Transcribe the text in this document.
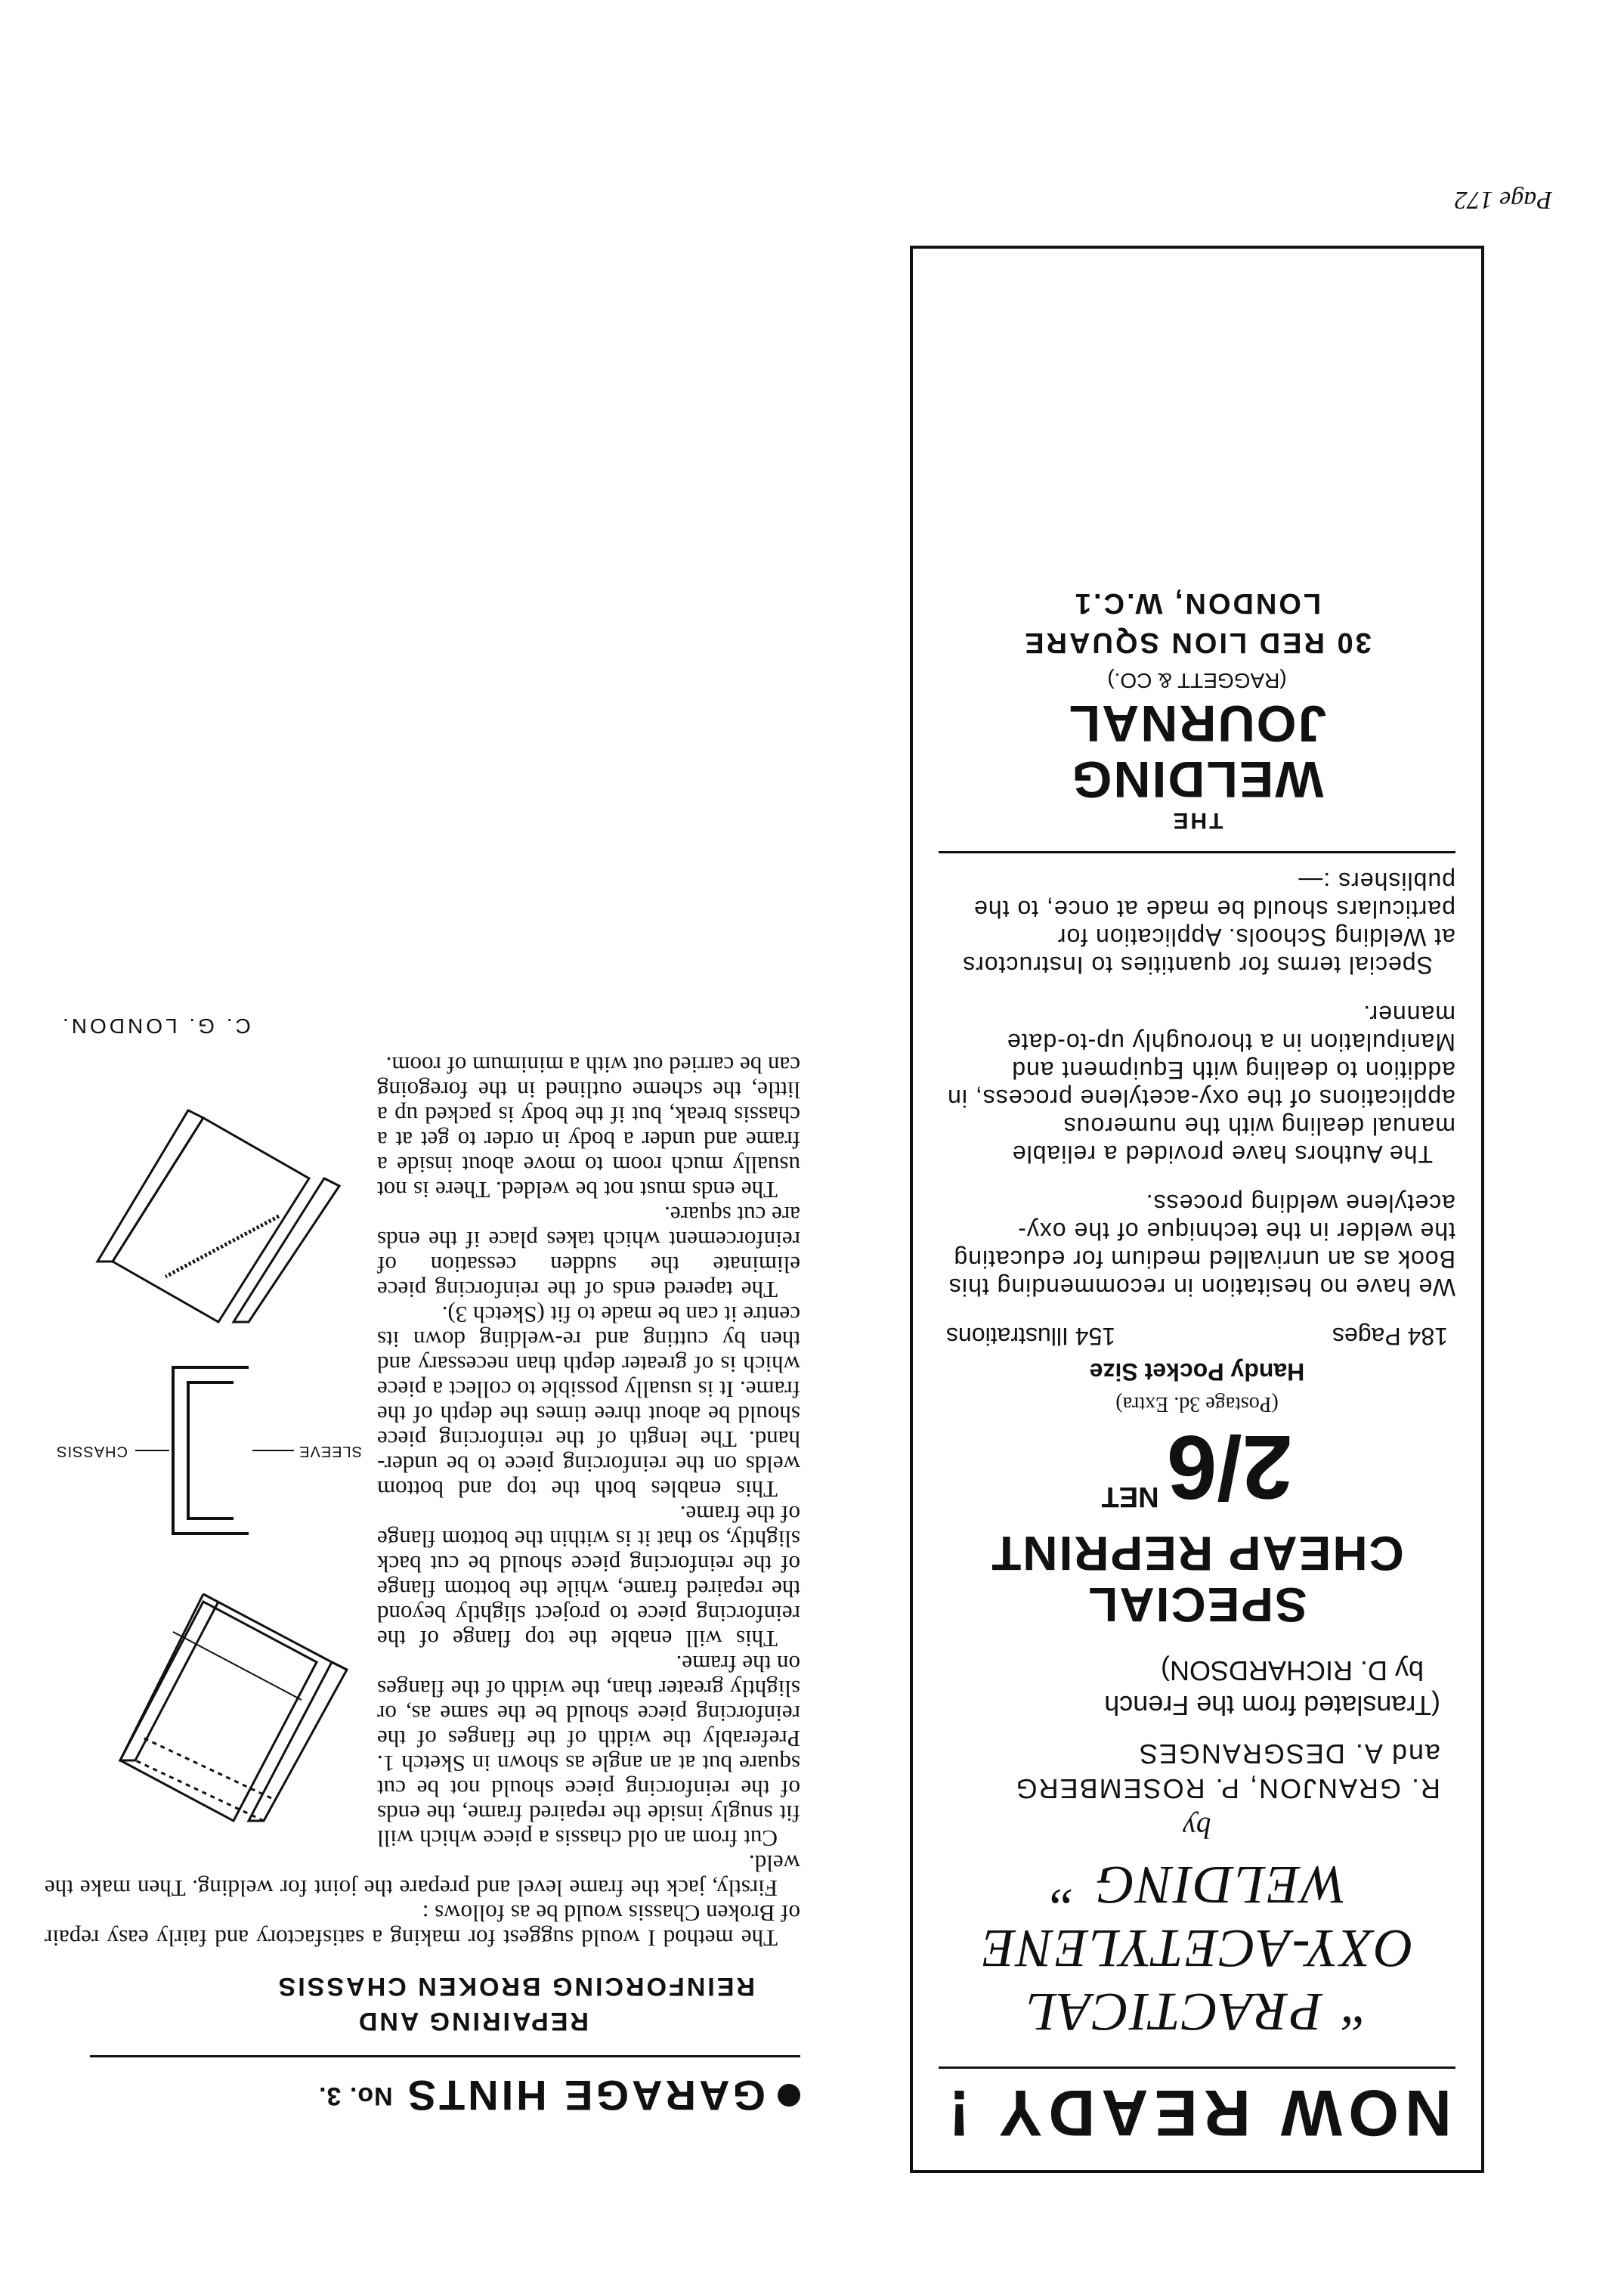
Page 172
NOW READY !
“ PRACTICAL
OXY-ACETYLENE
WELDING ”
by
R. GRANJON, P. ROSEMBERG
and A. DESGRANGES
(Translated from the French
by D. RICHARDSON)
SPECIAL
CHEAP REPRINT
2/6NET
(Postage 3d. Extra)
Handy Pocket Size
184 Pages
154 Illustrations
We have no hesitation in recommending this Book as an unrivalled medium for educating the welder in the technique of the oxy-acetylene welding process.
The Authors have provided a reliable manual dealing with the numerous applications of the oxy-acetylene process, in addition to dealing with Equipment and Manipulation in a thoroughly up-to-date manner.
Special terms for quantities to Instructors at Welding Schools. Application for particulars should be made at once, to the publishers :—
THE
WELDING JOURNAL
(RAGGETT & CO.)
30 RED LION SQUARE
LONDON, W.C.1
GARAGE HINTS
No. 3.
REPAIRING AND
REINFORCING BROKEN CHASSIS

The method I would suggest for making a satisfactory and fairly easy repair of Broken Chassis would be as follows :

Firstly, jack the frame level and prepare the joint for welding. Then make the weld.

CHASSIS	SLEEVE

Cut from an old chassis a piece which will fit snugly inside the repaired frame, the ends of the reinforcing piece should not be cut square but at an angle as shown in Sketch 1. Preferably the width of the flanges of the reinforcing piece should be the same as, or slightly greater than, the width of the flanges on the frame.

This will enable the top flange of the reinforcing piece to project slightly beyond the repaired frame, while the bottom flange of the reinforcing piece should be cut back slightly, so that it is within the bottom flange of the frame.

This enables both the top and bottom welds on the reinforcing piece to be under-hand. The length of the reinforcing piece should be about three times the depth of the frame. It is usually possible to collect a piece which is of greater depth than necessary and then by cutting and re-welding down its centre it can be made to fit (Sketch 3).

The tapered ends of the reinforcing piece eliminate the sudden cessation of reinforcement which takes place if the ends are cut square.

The ends must not be welded. There is not usually much room to move about inside a frame and under a body in order to get at a chassis break, but if the body is packed up a little, the scheme outlined in the foregoing can be carried out with a minimum of room.

C. G. LONDON.
